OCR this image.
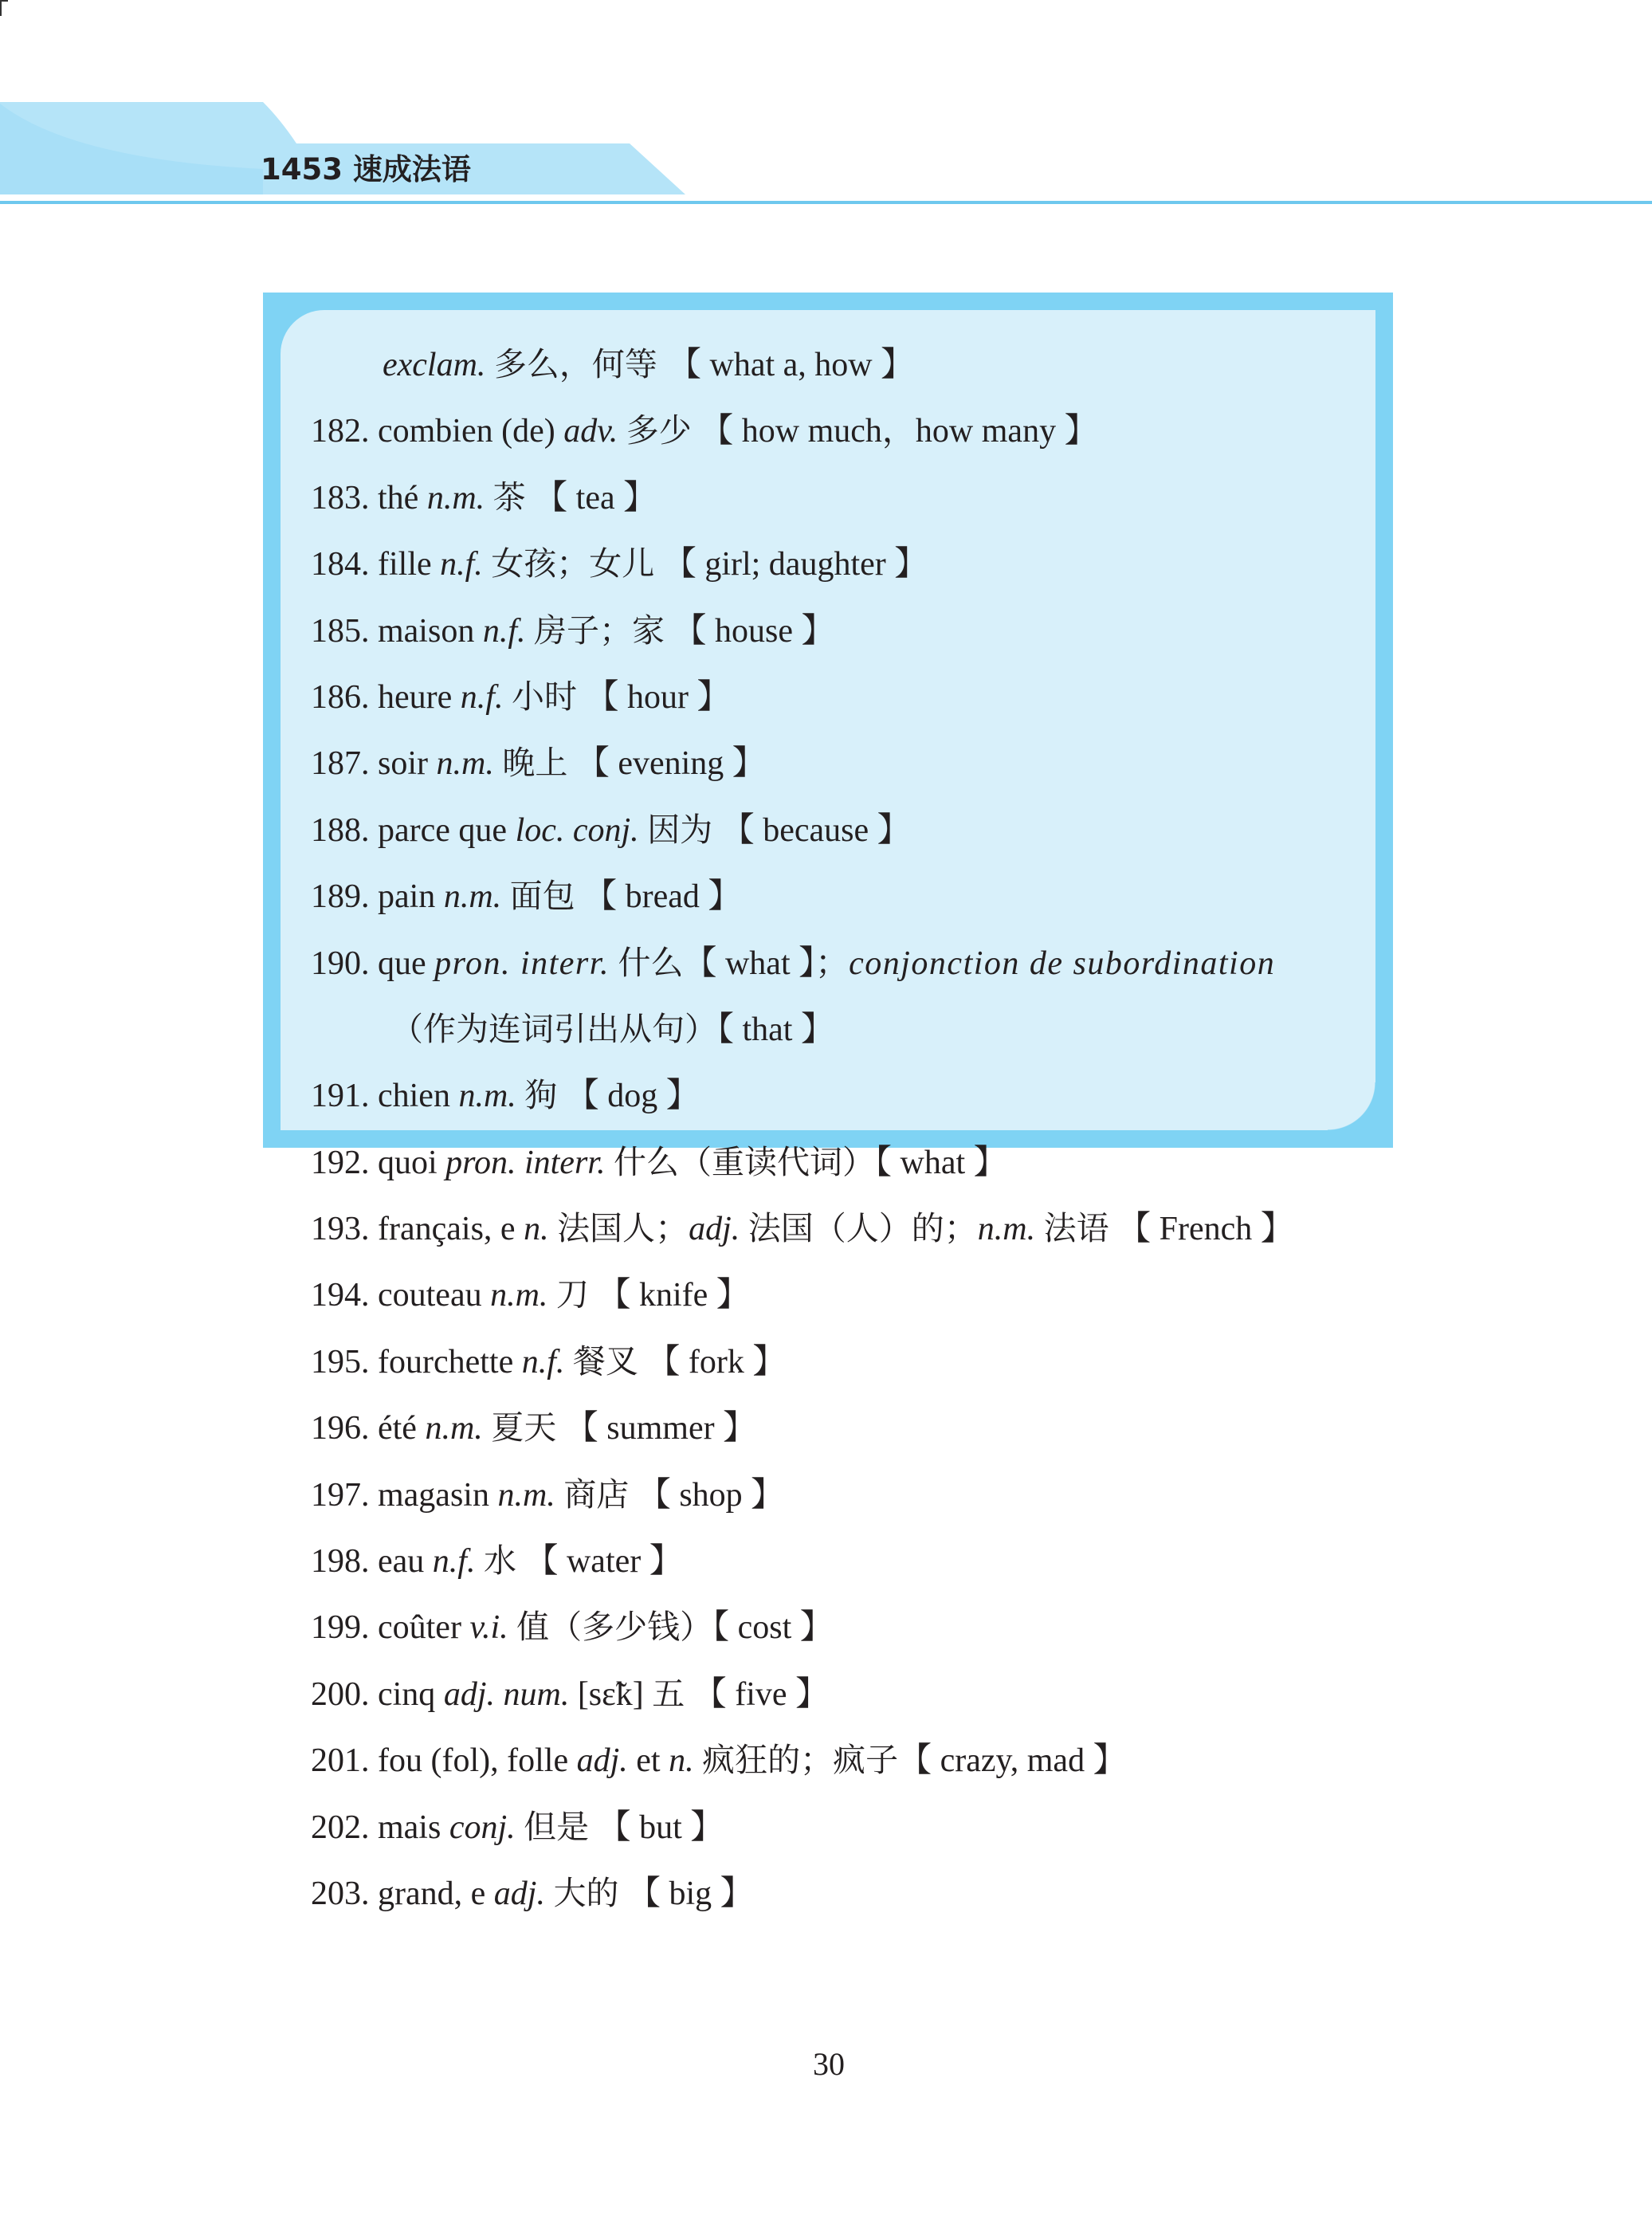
1453 速成法语
exclam. 多么，何等 【 what a, how 】
182. combien (de) adv. 多少 【 how much，how many 】
183. thé n.m. 茶 【 tea 】
184. fille n.f. 女孩；女儿 【 girl; daughter 】
185. maison n.f. 房子；家 【 house 】
186. heure n.f. 小时 【 hour 】
187. soir n.m. 晚上 【 evening 】
188. parce que loc. conj. 因为 【 because 】
189. pain n.m. 面包 【 bread 】
190. que pron. interr. 什么【 what 】；conjonction de subordination
（作为连词引出从句）【 that 】
191. chien n.m. 狗 【 dog 】
192. quoi pron. interr. 什么（重读代词）【 what 】
193. français, e n. 法国人；adj. 法国（人）的；n.m. 法语 【 French 】
194. couteau n.m. 刀 【 knife 】
195. fourchette n.f. 餐叉 【 fork 】
196. été n.m. 夏天 【 summer 】
197. magasin n.m. 商店 【 shop 】
198. eau n.f. 水 【 water 】
199. coûter v.i. 值（多少钱）【 cost 】
200. cinq adj. num. [sɛ̃k] 五 【 five 】
201. fou (fol), folle adj. et n. 疯狂的；疯子【 crazy, mad 】
202. mais conj. 但是 【 but 】
203. grand, e adj. 大的 【 big 】
30
